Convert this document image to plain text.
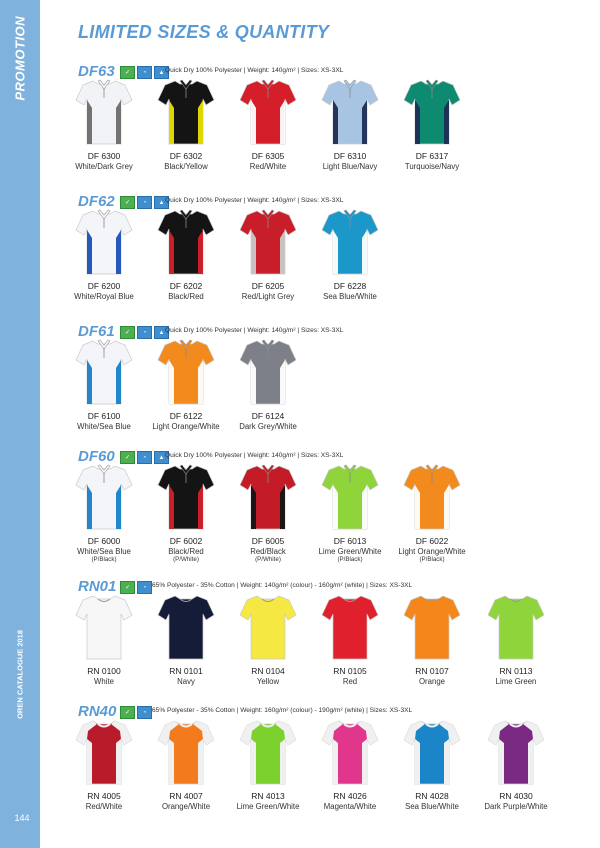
PROMOTION
OREN CATALOGUE 2018
144
LIMITED SIZES & QUANTITY
DF63	✓	◔	▲ Quick Dry 100% Polyester | Weight: 140g/m² | Sizes: XS-3XL
DF 6300
White/Dark Grey
DF 6302
Black/Yellow
DF 6305
Red/White
DF 6310
Light Blue/Navy
DF 6317
Turquoise/Navy
DF62	✓	◔	▲ Quick Dry 100% Polyester | Weight: 140g/m² | Sizes: XS-3XL
DF 6200
White/Royal Blue
DF 6202
Black/Red
DF 6205
Red/Light Grey
DF 6228
Sea Blue/White
DF61	✓	◔	▲ Quick Dry 100% Polyester | Weight: 140g/m² | Sizes: XS-3XL
DF 6100
White/Sea Blue
DF 6122
Light Orange/White
DF 6124
Dark Grey/White
DF60	✓	◔	▲ Quick Dry 100% Polyester | Weight: 140g/m² | Sizes: XS-3XL
DF 6000
White/Sea Blue
(P/Black)
DF 6002
Black/Red
(P/White)
DF 6005
Red/Black
(P/White)
DF 6013
Lime Green/White
(P/Black)
DF 6022
Light Orange/White
(P/Black)
RN01	✓	◔ 65% Polyester - 35% Cotton | Weight: 140g/m² (colour) - 160g/m² (white) | Sizes: XS-3XL
RN 0100
White
RN 0101
Navy
RN 0104
Yellow
RN 0105
Red
RN 0107
Orange
RN 0113
Lime Green
RN40	✓	◔ 65% Polyester - 35% Cotton | Weight: 160g/m² (colour) - 190g/m² (white) | Sizes: XS-3XL
RN 4005
Red/White
RN 4007
Orange/White
RN 4013
Lime Green/White
RN 4026
Magenta/White
RN 4028
Sea Blue/White
RN 4030
Dark Purple/White
